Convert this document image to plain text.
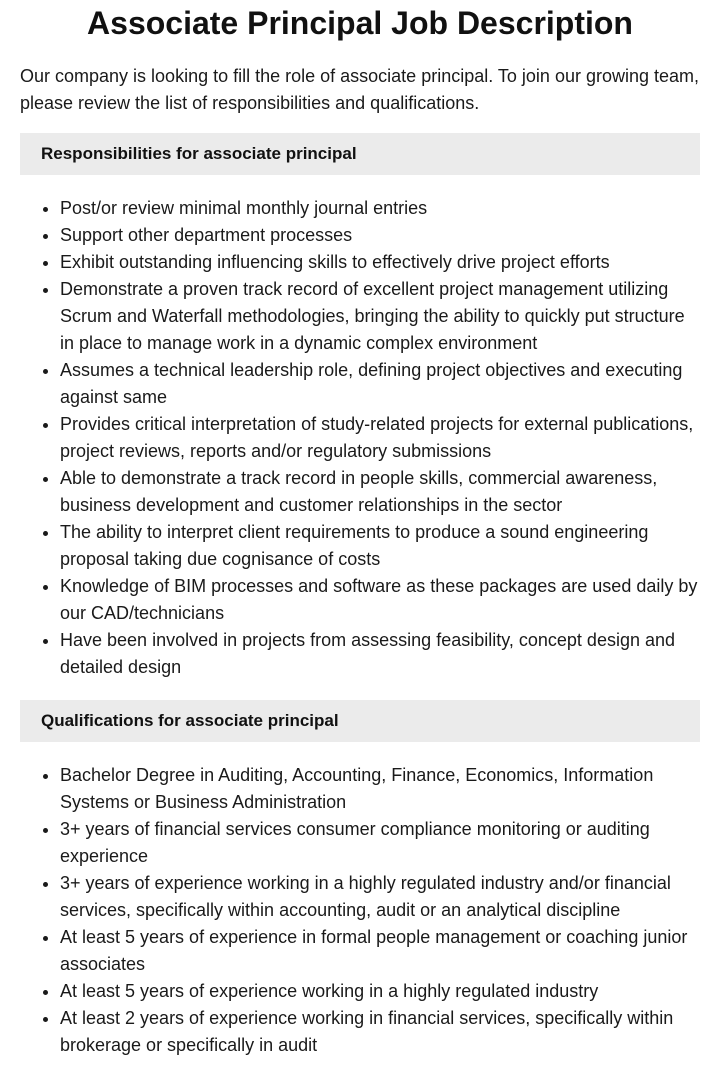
Associate Principal Job Description

Our company is looking to fill the role of associate principal. To join our growing team, please review the list of responsibilities and qualifications.

Responsibilities for associate principal
• Post/or review minimal monthly journal entries
• Support other department processes
• Exhibit outstanding influencing skills to effectively drive project efforts
• Demonstrate a proven track record of excellent project management utilizing Scrum and Waterfall methodologies, bringing the ability to quickly put structure in place to manage work in a dynamic complex environment
• Assumes a technical leadership role, defining project objectives and executing against same
• Provides critical interpretation of study-related projects for external publications, project reviews, reports and/or regulatory submissions
• Able to demonstrate a track record in people skills, commercial awareness, business development and customer relationships in the sector
• The ability to interpret client requirements to produce a sound engineering proposal taking due cognisance of costs
• Knowledge of BIM processes and software as these packages are used daily by our CAD/technicians
• Have been involved in projects from assessing feasibility, concept design and detailed design
Qualifications for associate principal
• Bachelor Degree in Auditing, Accounting, Finance, Economics, Information Systems or Business Administration
• 3+ years of financial services consumer compliance monitoring or auditing experience
• 3+ years of experience working in a highly regulated industry and/or financial services, specifically within accounting, audit or an analytical discipline
• At least 5 years of experience in formal people management or coaching junior associates
• At least 5 years of experience working in a highly regulated industry
• At least 2 years of experience working in financial services, specifically within brokerage or specifically in audit
